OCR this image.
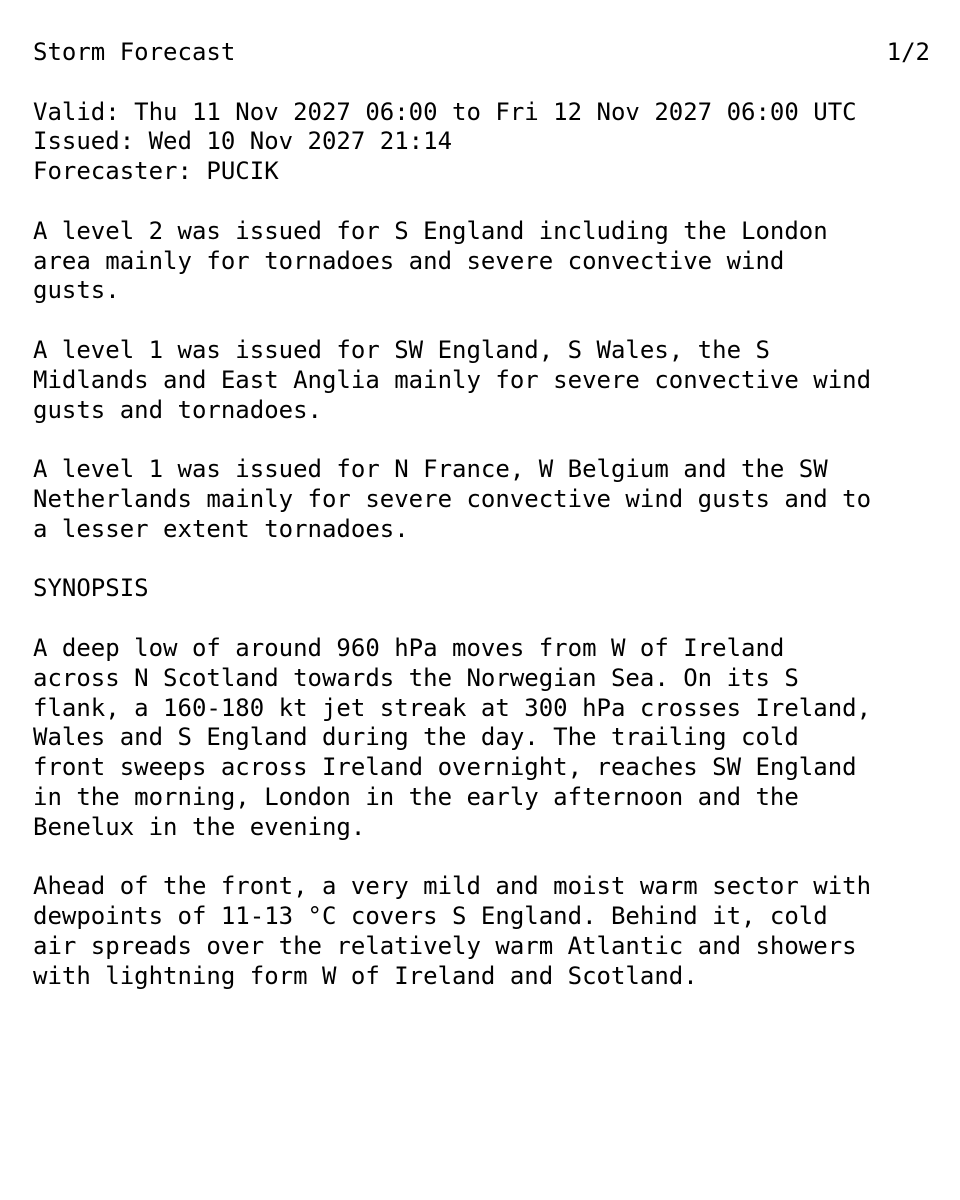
Storm Forecast	1/2
Valid: Thu 11 Nov 2027 06:00 to Fri 12 Nov 2027 06:00 UTC
Issued: Wed 10 Nov 2027 21:14
Forecaster: PUCIK
A level 2 was issued for S England including the London
area mainly for tornadoes and severe convective wind
gusts.
A level 1 was issued for SW England, S Wales, the S
Midlands and East Anglia mainly for severe convective wind
gusts and tornadoes.
A level 1 was issued for N France, W Belgium and the SW
Netherlands mainly for severe convective wind gusts and to
a lesser extent tornadoes.
SYNOPSIS
A deep low of around 960 hPa moves from W of Ireland
across N Scotland towards the Norwegian Sea. On its S
flank, a 160-180 kt jet streak at 300 hPa crosses Ireland,
Wales and S England during the day. The trailing cold
front sweeps across Ireland overnight, reaches SW England
in the morning, London in the early afternoon and the
Benelux in the evening.
Ahead of the front, a very mild and moist warm sector with
dewpoints of 11-13 °C covers S England. Behind it, cold
air spreads over the relatively warm Atlantic and showers
with lightning form W of Ireland and Scotland.
